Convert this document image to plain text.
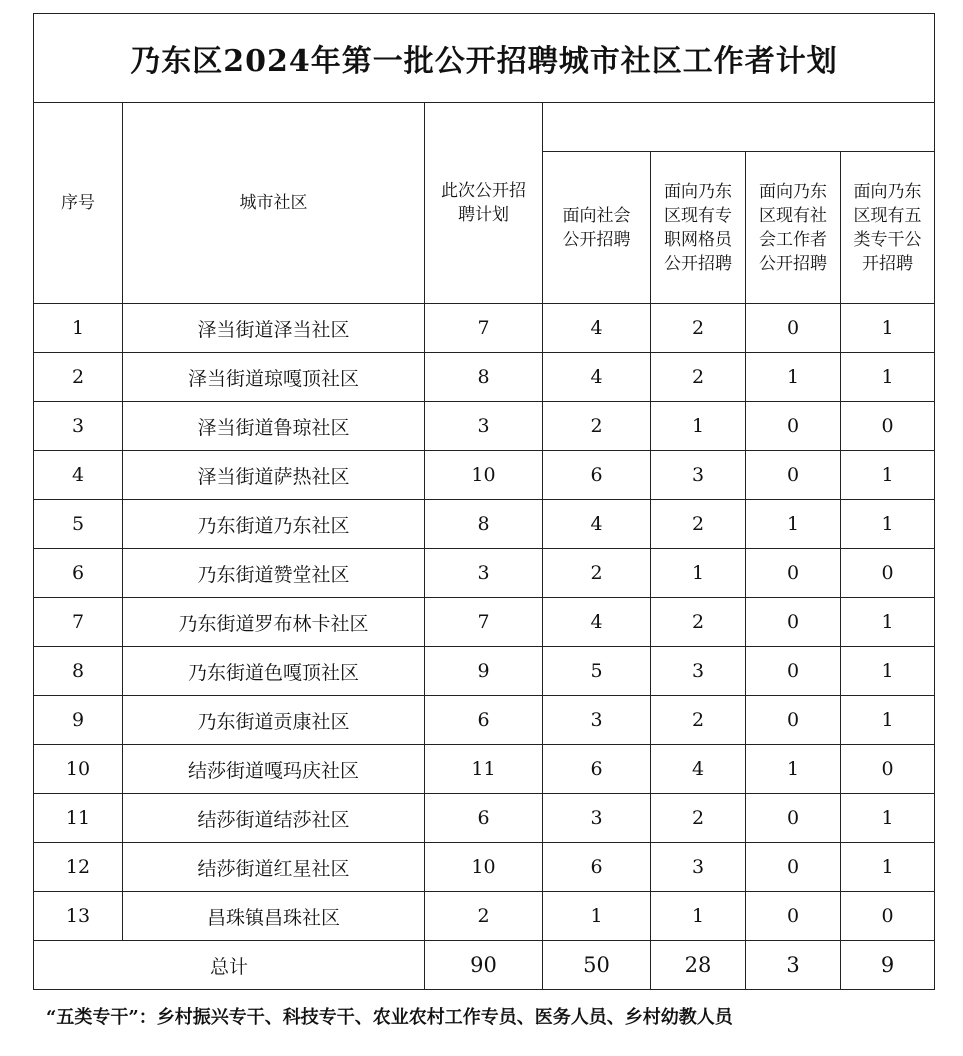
乃东区2024年第一批公开招聘城市社区工作者计划						
序号	城市社区	此次公开招聘计划				
			面向社会公开招聘	面向乃东区现有专职网格员公开招聘	面向乃东区现有社会工作者公开招聘	面向乃东区现有五类专干公开招聘
1	泽当街道泽当社区	7	4	2	0	1
2	泽当街道琼嘎顶社区	8	4	2	1	1
3	泽当街道鲁琼社区	3	2	1	0	0
4	泽当街道萨热社区	10	6	3	0	1
5	乃东街道乃东社区	8	4	2	1	1
6	乃东街道赞堂社区	3	2	1	0	0
7	乃东街道罗布林卡社区	7	4	2	0	1
8	乃东街道色嘎顶社区	9	5	3	0	1
9	乃东街道贡康社区	6	3	2	0	1
10	结莎街道嘎玛庆社区	11	6	4	1	0
11	结莎街道结莎社区	6	3	2	0	1
12	结莎街道红星社区	10	6	3	0	1
13	昌珠镇昌珠社区	2	1	1	0	0
总计		90	50	28	3	9
“五类专干”：乡村振兴专干、科技专干、农业农村工作专员、医务人员、乡村幼教人员
